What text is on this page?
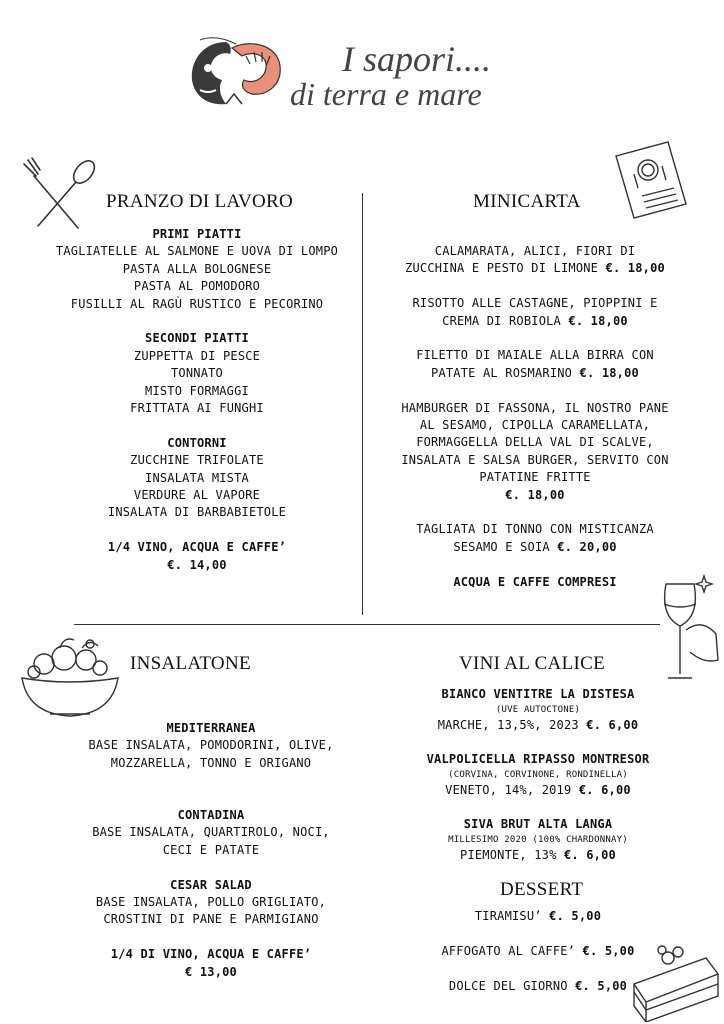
I sapori....
di terra e mare
PRANZO DI LAVORO
PRIMI PIATTI
TAGLIATELLE AL SALMONE E UOVA DI LOMPO
PASTA ALLA BOLOGNESE
PASTA AL POMODORO
FUSILLI AL RAGÙ RUSTICO E PECORINO
SECONDI PIATTI
ZUPPETTA DI PESCE
TONNATO
MISTO FORMAGGI
FRITTATA AI FUNGHI
CONTORNI
ZUCCHINE TRIFOLATE
INSALATA MISTA
VERDURE AL VAPORE
INSALATA DI BARBABIETOLE
1/4 VINO, ACQUA E CAFFE’
€. 14,00
MINICARTA
CALAMARATA, ALICI, FIORI DI
ZUCCHINA E PESTO DI LIMONE €. 18,00
RISOTTO ALLE CASTAGNE, PIOPPINI E
CREMA DI ROBIOLA €. 18,00
FILETTO DI MAIALE ALLA BIRRA CON
PATATE AL ROSMARINO €. 18,00
HAMBURGER DI FASSONA, IL NOSTRO PANE
AL SESAMO, CIPOLLA CARAMELLATA,
FORMAGGELLA DELLA VAL DI SCALVE,
INSALATA E SALSA BURGER, SERVITO CON
PATATINE FRITTE
€. 18,00
TAGLIATA DI TONNO CON MISTICANZA
SESAMO E SOIA €. 20,00
ACQUA E CAFFE COMPRESI
INSALATONE
MEDITERRANEA
BASE INSALATA, POMODORINI, OLIVE,
MOZZARELLA, TONNO E ORIGANO
CONTADINA
BASE INSALATA, QUARTIROLO, NOCI,
CECI E PATATE
CESAR SALAD
BASE INSALATA, POLLO GRIGLIATO,
CROSTINI DI PANE E PARMIGIANO
1/4 DI VINO, ACQUA E CAFFE’
€ 13,00
VINI AL CALICE
BIANCO VENTITRE LA DISTESA
(UVE AUTOCTONE)
MARCHE, 13,5%, 2023 €. 6,00
VALPOLICELLA RIPASSO MONTRESOR
(CORVINA, CORVINONE, RONDINELLA)
VENETO, 14%, 2019 €. 6,00
SIVA BRUT ALTA LANGA
MILLESIMO 2020 (100% CHARDONNAY)
PIEMONTE, 13% €. 6,00
DESSERT
TIRAMISU’ €. 5,00
AFFOGATO AL CAFFE’ €. 5,00
DOLCE DEL GIORNO €. 5,00
